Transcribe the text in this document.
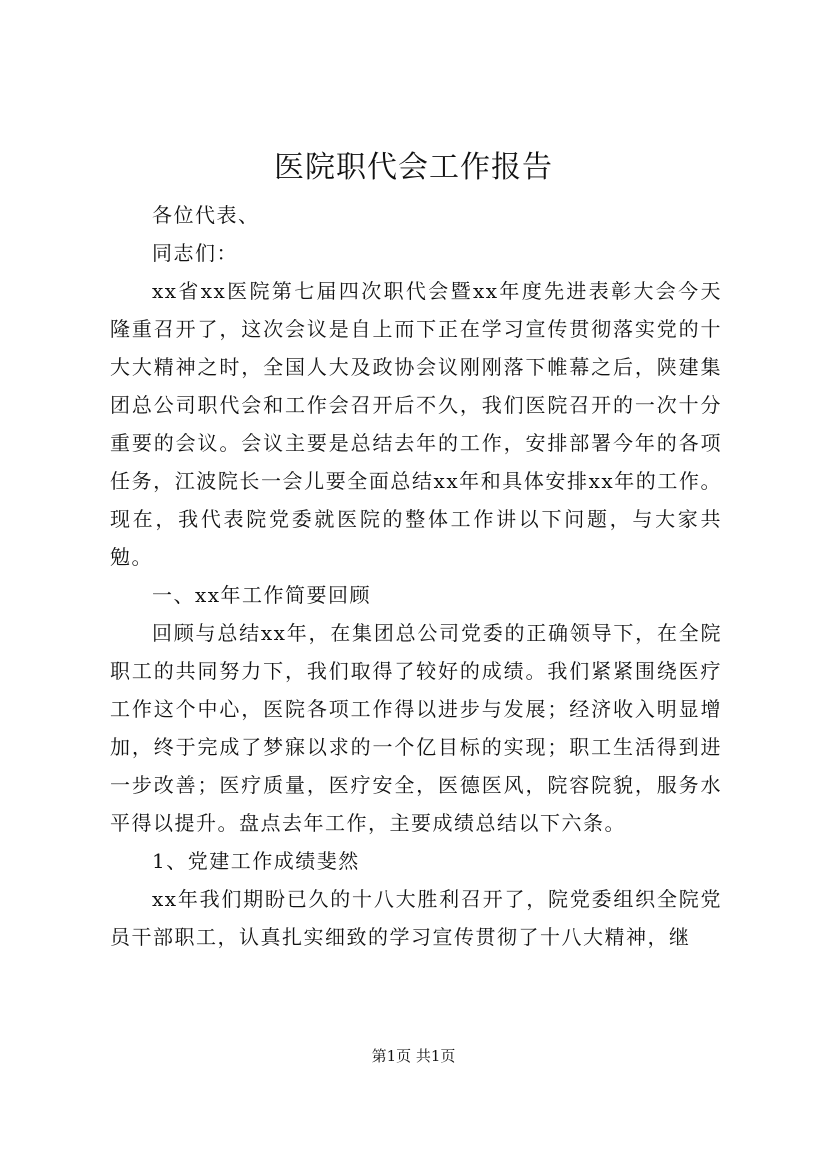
医院职代会工作报告

各位代表、

同志们：

xx省xx医院第七届四次职代会暨xx年度先进表彰大会今天隆重召开了，这次会议是自上而下正在学习宣传贯彻落实党的十大大精神之时，全国人大及政协会议刚刚落下帷幕之后，陕建集团总公司职代会和工作会召开后不久，我们医院召开的一次十分重要的会议。会议主要是总结去年的工作，安排部署今年的各项任务，江波院长一会儿要全面总结xx年和具体安排xx年的工作。现在，我代表院党委就医院的整体工作讲以下问题，与大家共勉。

一、xx年工作简要回顾

回顾与总结xx年，在集团总公司党委的正确领导下，在全院职工的共同努力下，我们取得了较好的成绩。我们紧紧围绕医疗工作这个中心，医院各项工作得以进步与发展；经济收入明显增加，终于完成了梦寐以求的一个亿目标的实现；职工生活得到进一步改善；医疗质量，医疗安全，医德医风，院容院貌，服务水平得以提升。盘点去年工作，主要成绩总结以下六条。

1、党建工作成绩斐然

xx年我们期盼已久的十八大胜利召开了，院党委组织全院党员干部职工，认真扎实细致的学习宣传贯彻了十八大精神，继

第1页 共1页
